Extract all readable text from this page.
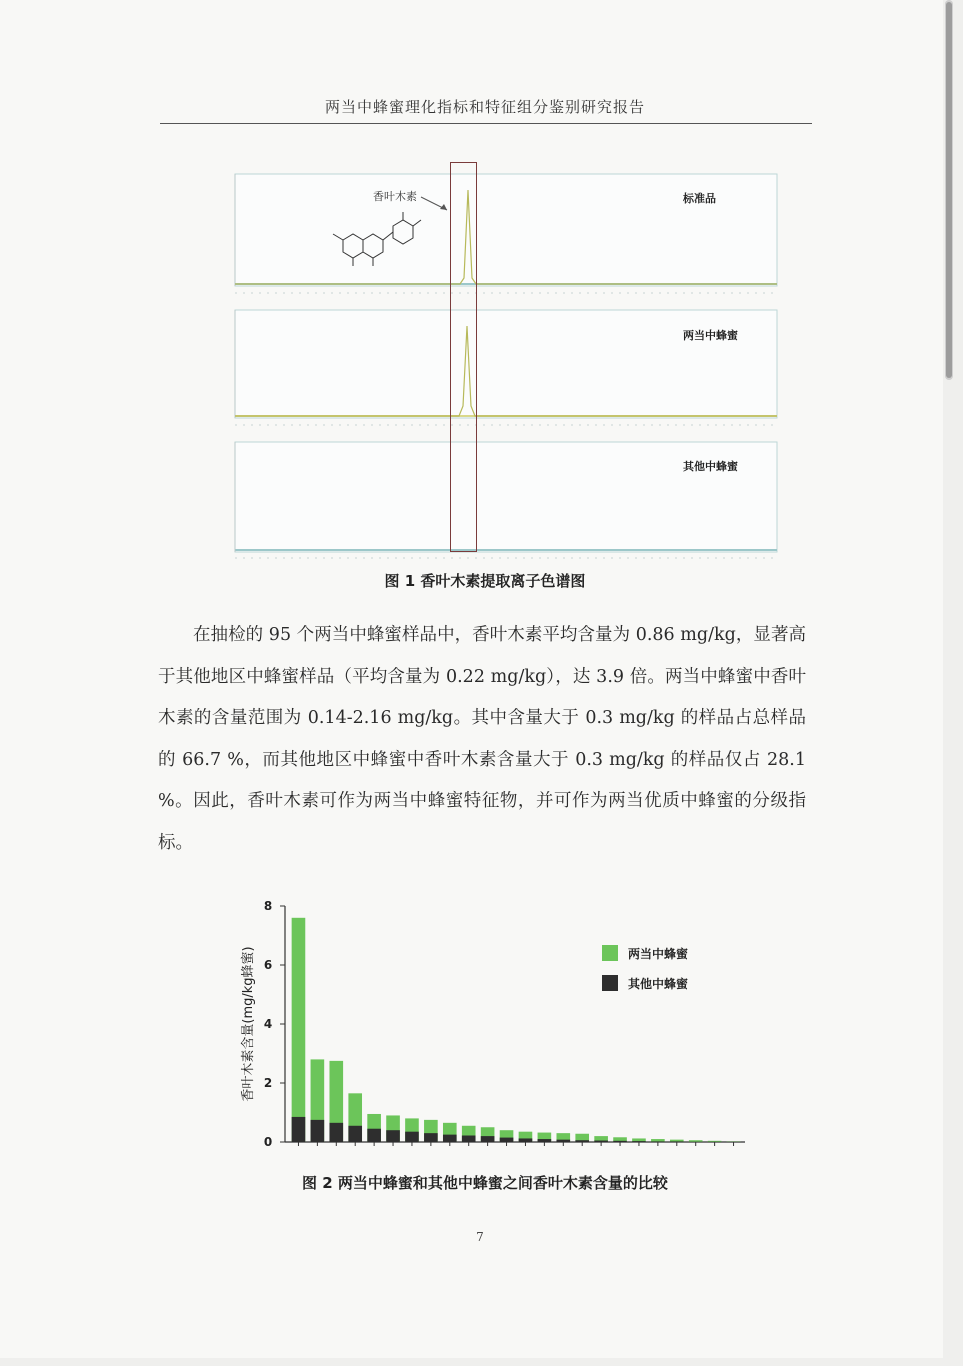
两当中蜂蜜理化指标和特征组分鉴别研究报告
标准品
香叶木素
两当中蜂蜜
其他中蜂蜜
图 1 香叶木素提取离子色谱图

在抽检的 95 个两当中蜂蜜样品中，香叶木素平均含量为 0.86 mg/kg，显著高于其他地区中蜂蜜样品（平均含量为 0.22 mg/kg），达 3.9 倍。两当中蜂蜜中香叶木素的含量范围为 0.14-2.16 mg/kg。其中含量大于 0.3 mg/kg 的样品占总样品的 66.7 %，而其他地区中蜂蜜中香叶木素含量大于 0.3 mg/kg 的样品仅占 28.1 %。因此，香叶木素可作为两当中蜂蜜特征物，并可作为两当优质中蜂蜜的分级指标。

0
2
4
6
8
香叶木素含量(mg/kg蜂蜜)	两当中蜂蜜
其他中蜂蜜
图 2 两当中蜂蜜和其他中蜂蜜之间香叶木素含量的比较
7
